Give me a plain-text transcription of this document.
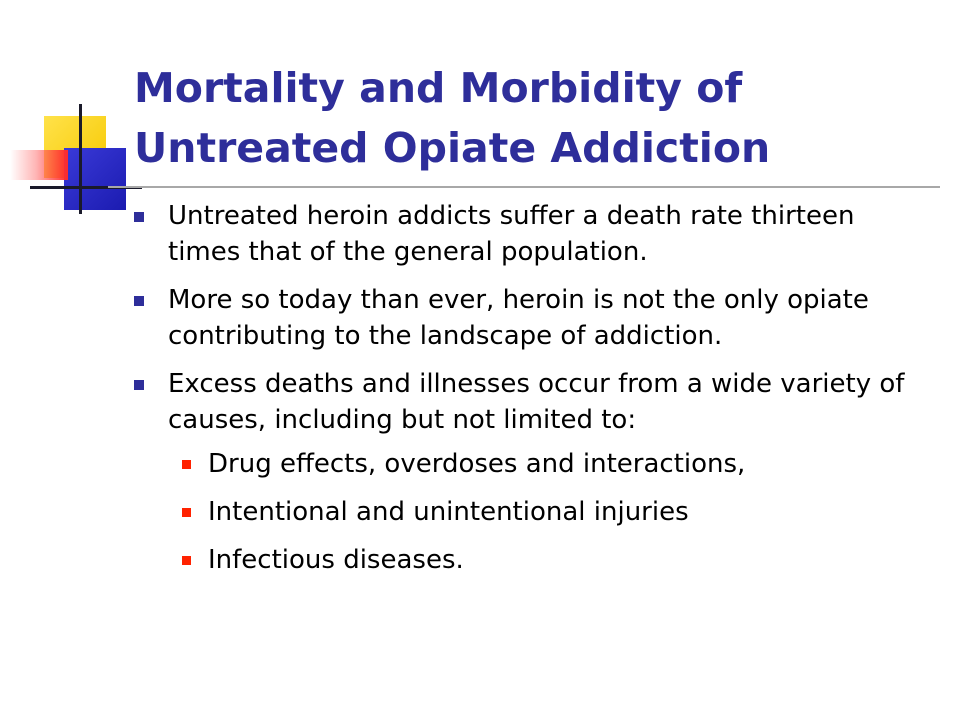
Mortality and Morbidity of
Untreated Opiate Addiction
Untreated heroin addicts suffer a death rate thirteen times that of the general population.
More so today than ever, heroin is not the only opiate contributing to the landscape of addiction.
Excess deaths and illnesses occur from a wide variety of causes, including but not limited to:
Drug effects, overdoses and interactions,
Intentional and unintentional injuries
Infectious diseases.
